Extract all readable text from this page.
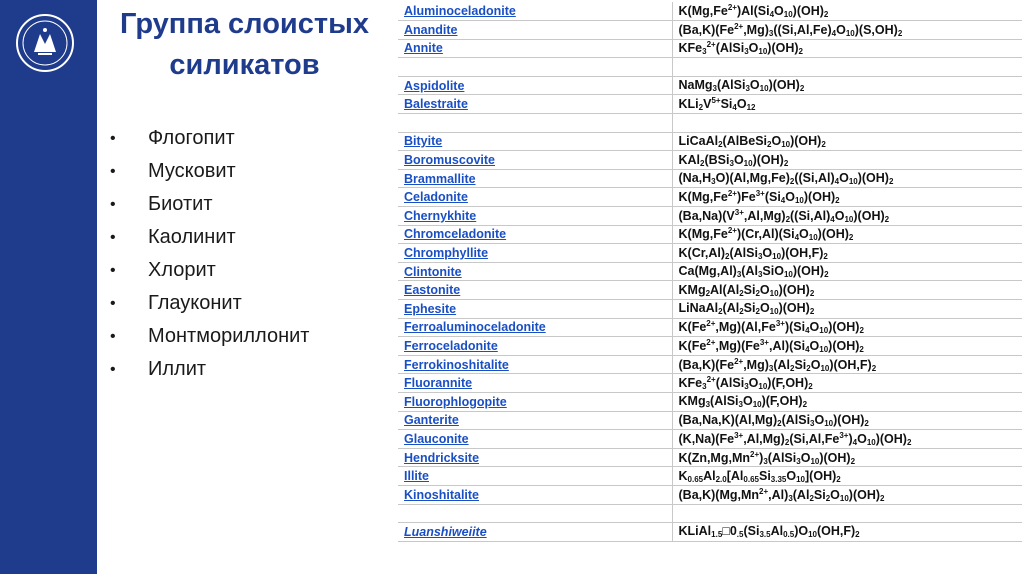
Группа слоистых
силикатов
•	Флогопит
•	Мусковит
•	Биотит
•	Каолинит
•	Хлорит
•	Глауконит
•	Монтмориллонит
•	Иллит
Aluminoceladonite	$K(Mg,Fe^{2+})Al(Si_4O_{10})(OH)_2$
Anandite	$(Ba,K)(Fe^{2+},Mg)_3((Si,Al,Fe)_4O_{10})(S,OH)_2$
Annite	$KFe_3^{2+}(AlSi_3O_{10})(OH)_2$

Aspidolite	$NaMg_3(AlSi_3O_{10})(OH)_2$
Balestraite	$KLi_2V^{5+}Si_4O_{12}$

Bityite	$LiCaAl_2(AlBeSi_2O_{10})(OH)_2$
Boromuscovite	$KAl_2(BSi_3O_{10})(OH)_2$
Brammallite	$(Na,H_3O)(Al,Mg,Fe)_2((Si,Al)_4O_{10})(OH)_2$
Celadonite	$K(Mg,Fe^{2+})Fe^{3+}(Si_4O_{10})(OH)_2$
Chernykhite	$(Ba,Na)(V^{3+},Al,Mg)_2((Si,Al)_4O_{10})(OH)_2$
Chromceladonite	$K(Mg,Fe^{2+})(Cr,Al)(Si_4O_{10})(OH)_2$
Chromphyllite	$K(Cr,Al)_2(AlSi_3O_{10})(OH,F)_2$
Clintonite	$Ca(Mg,Al)_3(Al_3SiO_{10})(OH)_2$
Eastonite	$KMg_2Al(Al_2Si_2O_{10})(OH)_2$
Ephesite	$LiNaAl_2(Al_2Si_2O_{10})(OH)_2$
Ferroaluminoceladonite	$K(Fe^{2+},Mg)(Al,Fe^{3+})(Si_4O_{10})(OH)_2$
Ferroceladonite	$K(Fe^{2+},Mg)(Fe^{3+},Al)(Si_4O_{10})(OH)_2$
Ferrokinoshitalite	$(Ba,K)(Fe^{2+},Mg)_3(Al_2Si_2O_{10})(OH,F)_2$
Fluorannite	$KFe_3^{2+}(AlSi_3O_{10})(F,OH)_2$
Fluorophlogopite	$KMg_3(AlSi_3O_{10})(F,OH)_2$
Ganterite	$(Ba,Na,K)(Al,Mg)_2(AlSi_3O_{10})(OH)_2$
Glauconite	$(K,Na)(Fe^{3+},Al,Mg)_2(Si,Al,Fe^{3+})_4O_{10})(OH)_2$
Hendricksite	$K(Zn,Mg,Mn^{2+})_3(AlSi_3O_{10})(OH)_2$
Illite	$K_{0.65}Al_{2.0}[Al_{0.65}Si_{3.35}O_{10}](OH)_2$
Kinoshitalite	$(Ba,K)(Mg,Mn^{2+},Al)_3(Al_2Si_2O_{10})(OH)_2$

Luanshiweiite	$KLiAl_{1.5}□0_{.5}(Si_{3.5}Al_{0.5})O_{10}(OH,F)_2$
